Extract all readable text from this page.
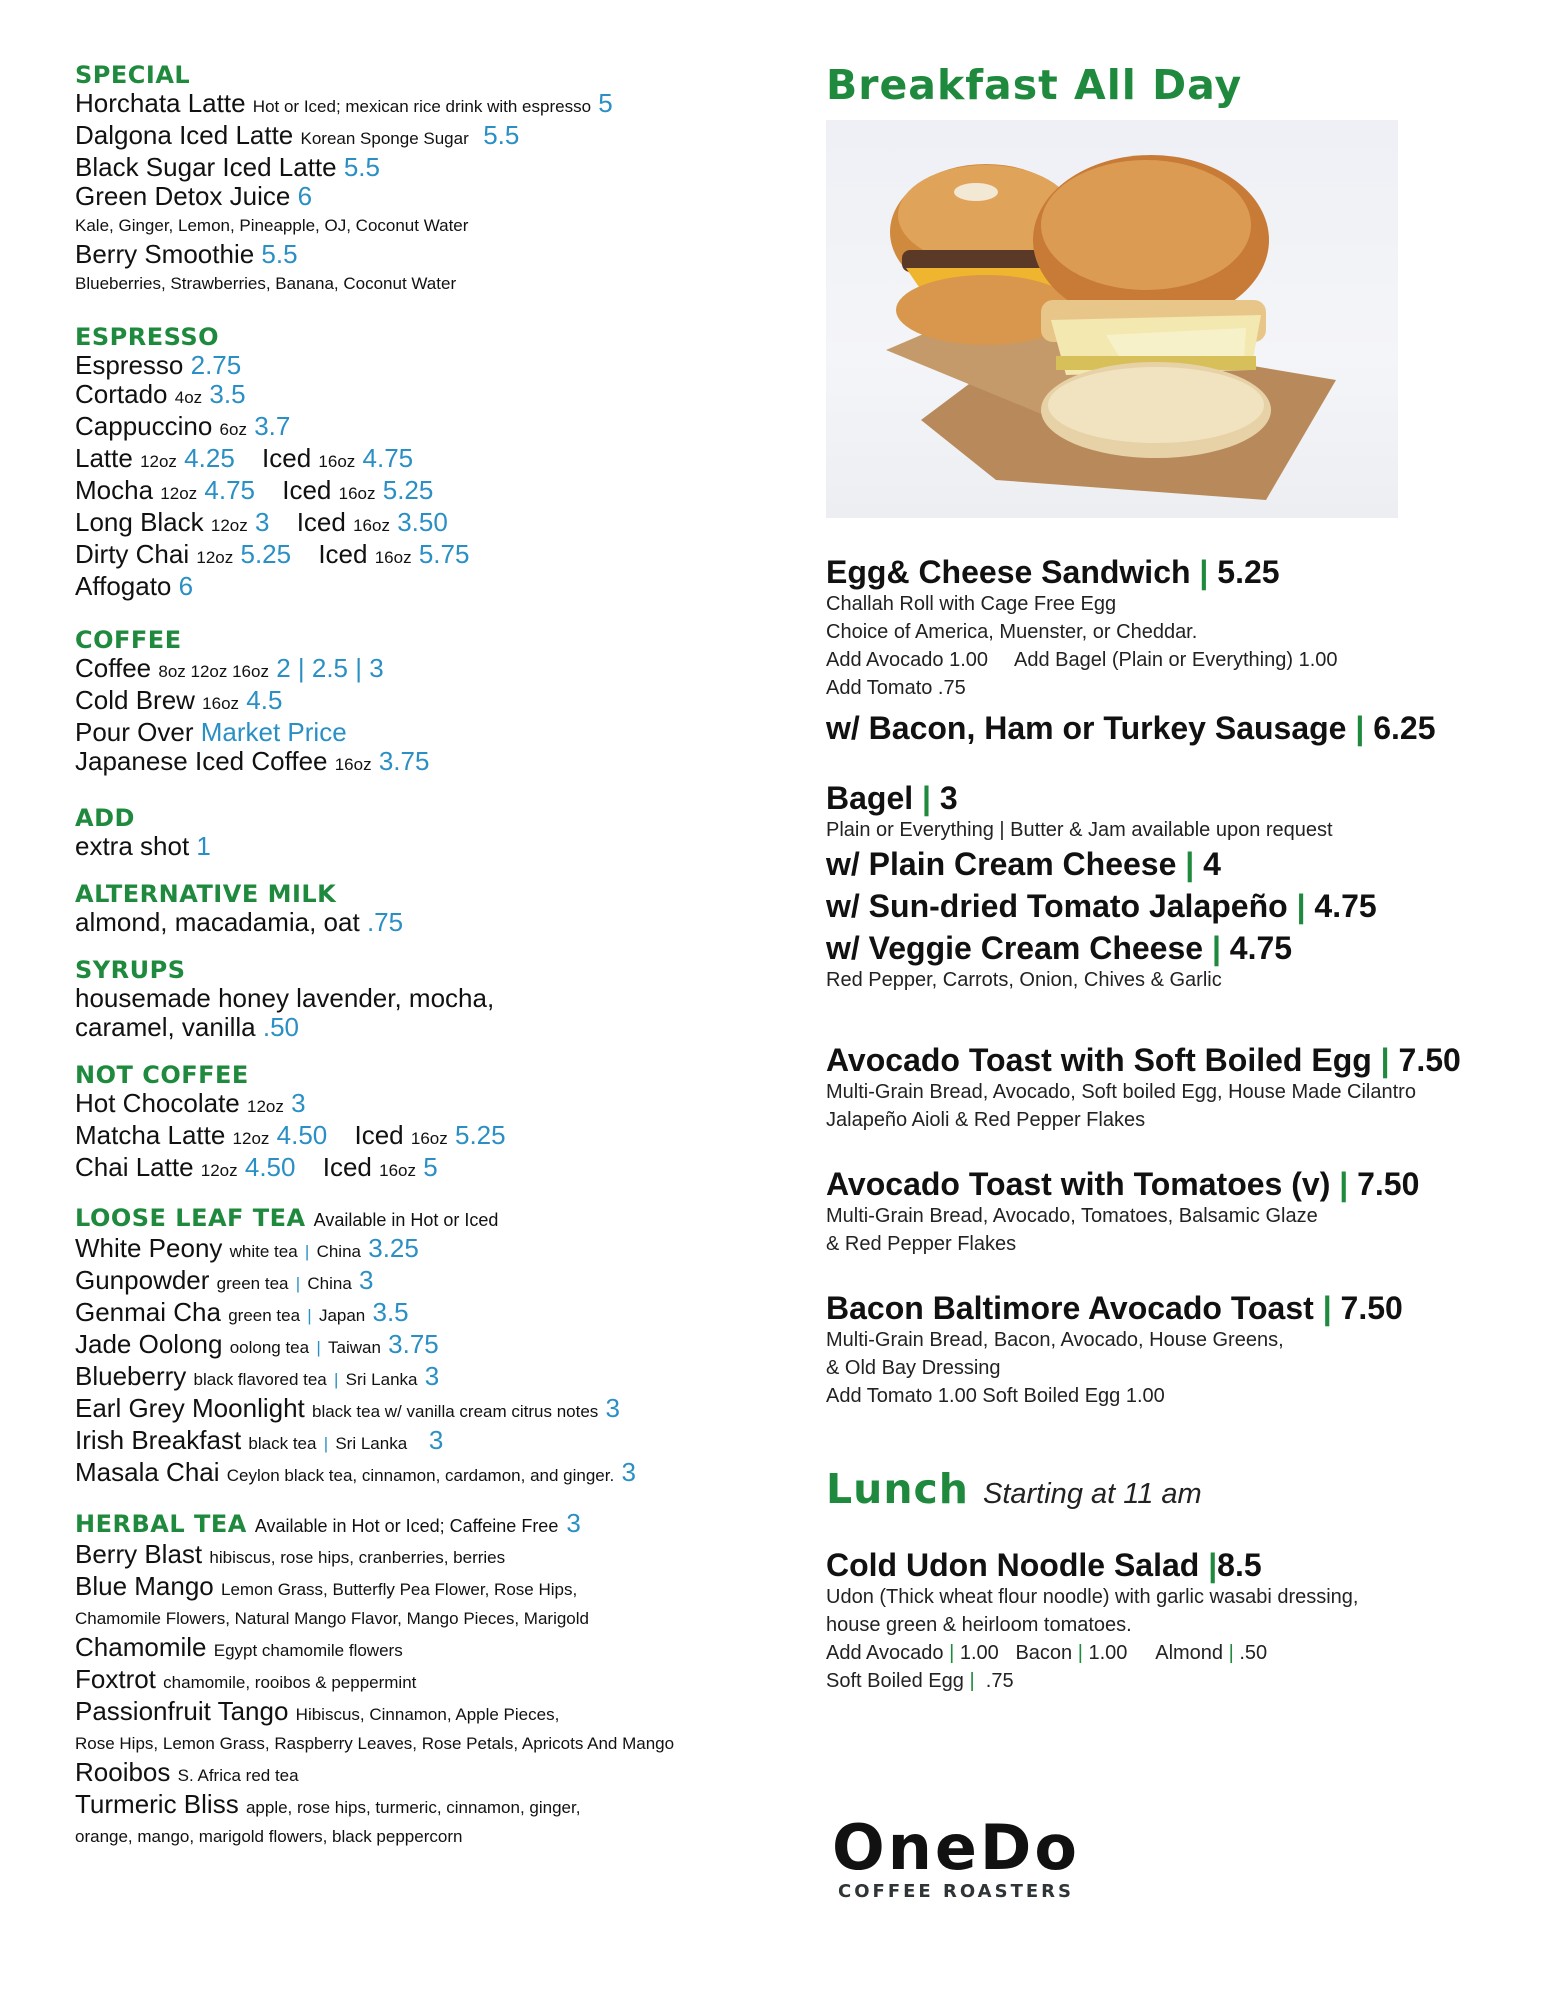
SPECIAL
Horchata Latte Hot or Iced; mexican rice drink with espresso 5
Dalgona Iced Latte Korean Sponge Sugar 5.5
Black Sugar Iced Latte 5.5
Green Detox Juice 6
Kale, Ginger, Lemon, Pineapple, OJ, Coconut Water
Berry Smoothie 5.5
Blueberries, Strawberries, Banana, Coconut Water
ESPRESSO
Espresso 2.75
Cortado 4oz 3.5
Cappuccino 6oz 3.7
Latte 12oz 4.25 Iced 16oz 4.75
Mocha 12oz 4.75 Iced 16oz 5.25
Long Black 12oz 3 Iced 16oz 3.50
Dirty Chai 12oz 5.25 Iced 16oz 5.75
Affogato 6
COFFEE
Coffee 8oz 12oz 16oz 2 | 2.5 | 3
Cold Brew 16oz 4.5
Pour Over Market Price
Japanese Iced Coffee 16oz 3.75
ADD
extra shot 1
ALTERNATIVE MILK
almond, macadamia, oat .75
SYRUPS
housemade honey lavender, mocha,
caramel, vanilla .50
NOT COFFEE
Hot Chocolate 12oz 3
Matcha Latte 12oz 4.50 Iced 16oz 5.25
Chai Latte 12oz 4.50 Iced 16oz 5
LOOSE LEAF TEA Available in Hot or Iced
White Peony white tea | China 3.25
Gunpowder green tea | China 3
Genmai Cha green tea | Japan 3.5
Jade Oolong oolong tea | Taiwan 3.75
Blueberry black flavored tea | Sri Lanka 3
Earl Grey Moonlight black tea w/ vanilla cream citrus notes 3
Irish Breakfast black tea | Sri Lanka 3
Masala Chai Ceylon black tea, cinnamon, cardamon, and ginger. 3
HERBAL TEA Available in Hot or Iced; Caffeine Free 3
Berry Blast hibiscus, rose hips, cranberries, berries
Blue Mango Lemon Grass, Butterfly Pea Flower, Rose Hips,
Chamomile Flowers, Natural Mango Flavor, Mango Pieces, Marigold
Chamomile Egypt chamomile flowers
Foxtrot chamomile, rooibos & peppermint
Passionfruit Tango Hibiscus, Cinnamon, Apple Pieces,
Rose Hips, Lemon Grass, Raspberry Leaves, Rose Petals, Apricots And Mango
Rooibos S. Africa red tea
Turmeric Bliss apple, rose hips, turmeric, cinnamon, ginger,
orange, mango, marigold flowers, black peppercorn
Breakfast All Day
Egg& Cheese Sandwich | 5.25
Challah Roll with Cage Free Egg
Choice of America, Muenster, or Cheddar.
Add Avocado 1.00 Add Bagel (Plain or Everything) 1.00
Add Tomato .75
w/ Bacon, Ham or Turkey Sausage | 6.25
Bagel | 3
Plain or Everything | Butter & Jam available upon request
w/ Plain Cream Cheese | 4
w/ Sun-dried Tomato Jalapeño | 4.75
w/ Veggie Cream Cheese | 4.75
Red Pepper, Carrots, Onion, Chives & Garlic
Avocado Toast with Soft Boiled Egg | 7.50
Multi-Grain Bread, Avocado, Soft boiled Egg, House Made Cilantro
Jalapeño Aioli & Red Pepper Flakes
Avocado Toast with Tomatoes (v) | 7.50
Multi-Grain Bread, Avocado, Tomatoes, Balsamic Glaze
& Red Pepper Flakes
Bacon Baltimore Avocado Toast | 7.50
Multi-Grain Bread, Bacon, Avocado, House Greens,
& Old Bay Dressing
Add Tomato 1.00 Soft Boiled Egg 1.00
Lunch Starting at 11 am
Cold Udon Noodle Salad |8.5
Udon (Thick wheat flour noodle) with garlic wasabi dressing,
house green & heirloom tomatoes.
Add Avocado | 1.00 Bacon | 1.00 Almond | .50
Soft Boiled Egg | .75
OneDo
COFFEE ROASTERS
